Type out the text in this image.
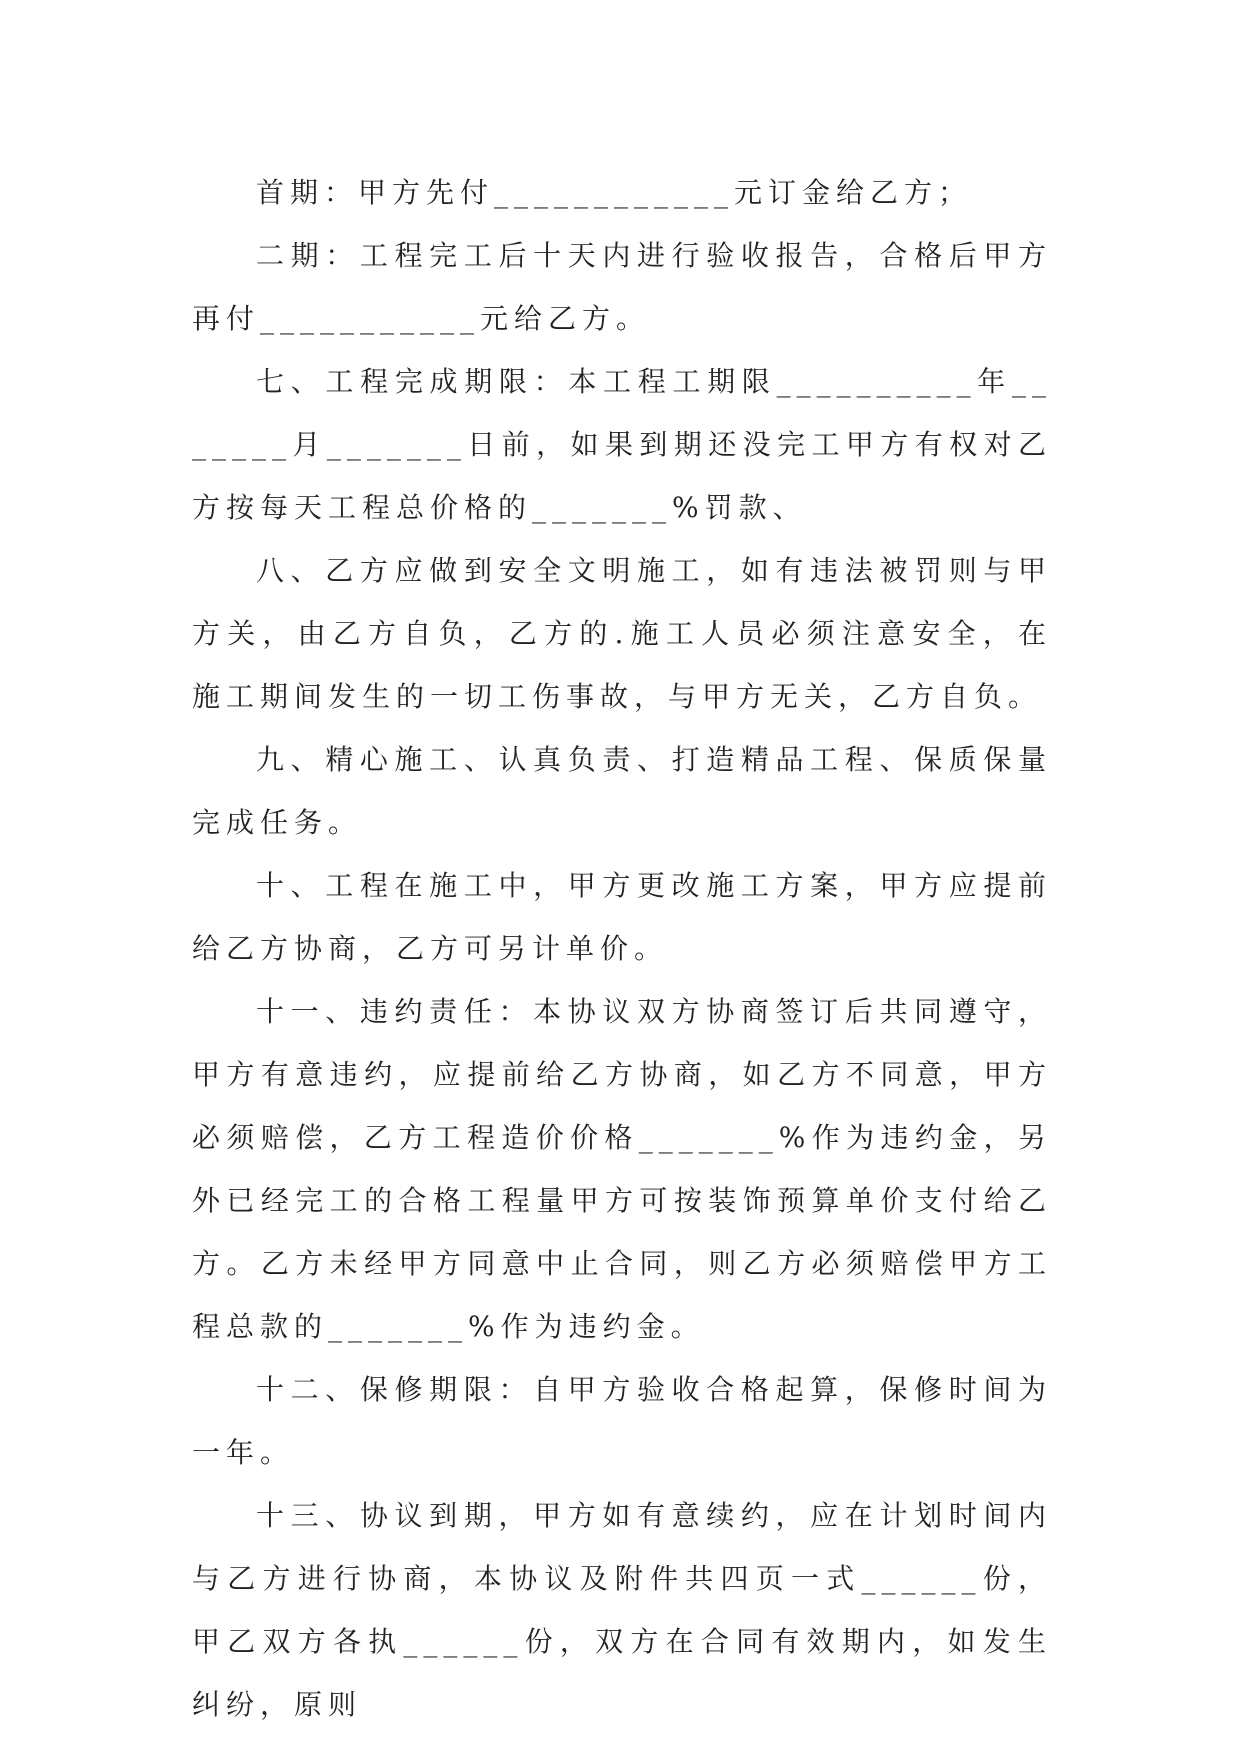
首期：甲方先付____________元订金给乙方；

二期：工程完工后十天内进行验收报告，合格后甲方再付___________元给乙方。

七、工程完成期限：本工程工期限__________年_______月_______日前，如果到期还没完工甲方有权对乙方按每天工程总价格的_______%罚款、

八、乙方应做到安全文明施工，如有违法被罚则与甲方关，由乙方自负，乙方的.施工人员必须注意安全，在施工期间发生的一切工伤事故，与甲方无关，乙方自负。

九、精心施工、认真负责、打造精品工程、保质保量完成任务。

十、工程在施工中，甲方更改施工方案，甲方应提前给乙方协商，乙方可另计单价。

十一、违约责任：本协议双方协商签订后共同遵守，甲方有意违约，应提前给乙方协商，如乙方不同意，甲方必须赔偿，乙方工程造价价格_______%作为违约金，另外已经完工的合格工程量甲方可按装饰预算单价支付给乙方。乙方未经甲方同意中止合同，则乙方必须赔偿甲方工程总款的_______%作为违约金。

十二、保修期限：自甲方验收合格起算，保修时间为一年。

十三、协议到期，甲方如有意续约，应在计划时间内与乙方进行协商，本协议及附件共四页一式______份，甲乙双方各执______份，双方在合同有效期内，如发生纠纷，原则
